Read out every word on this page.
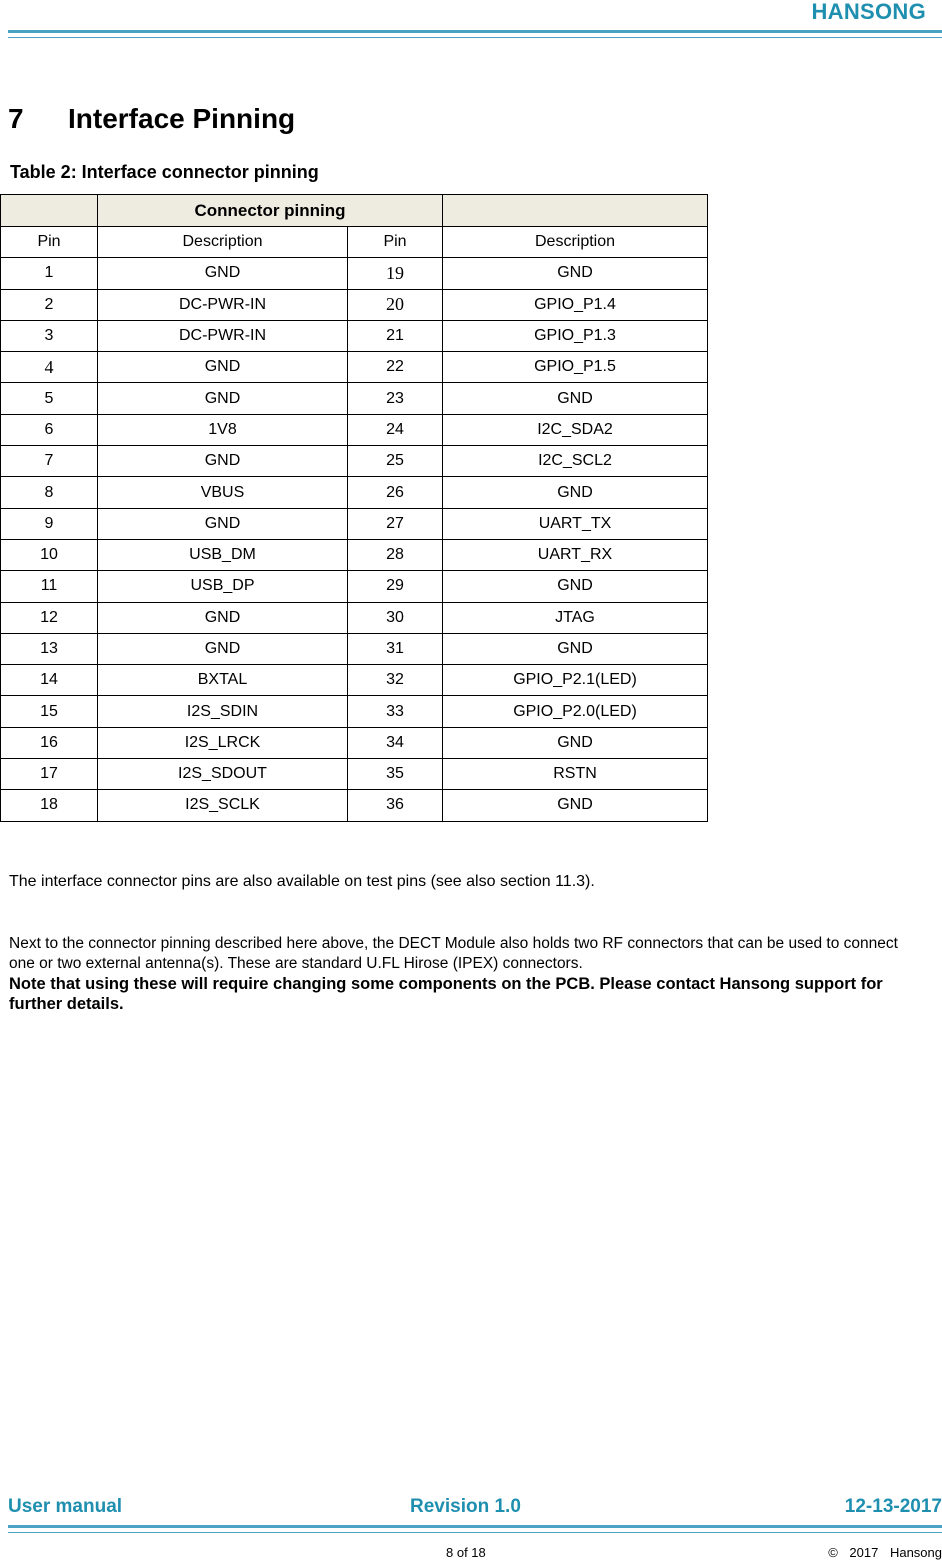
HANSONG
7 Interface Pinning
Table 2: Interface connector pinning
	Connector pinning		
Pin	Description	Pin	Description
1	GND	19	GND
2	DC-PWR-IN	20	GPIO_P1.4
3	DC-PWR-IN	21	GPIO_P1.3
4	GND	22	GPIO_P1.5
5	GND	23	GND
6	1V8	24	I2C_SDA2
7	GND	25	I2C_SCL2
8	VBUS	26	GND
9	GND	27	UART_TX
10	USB_DM	28	UART_RX
11	USB_DP	29	GND
12	GND	30	JTAG
13	GND	31	GND
14	BXTAL	32	GPIO_P2.1(LED)
15	I2S_SDIN	33	GPIO_P2.0(LED)
16	I2S_LRCK	34	GND
17	I2S_SDOUT	35	RSTN
18	I2S_SCLK	36	GND
The interface connector pins are also available on test pins (see also section 11.3).
Next to the connector pinning described here above, the DECT Module also holds two RF connectors that can be used to connect one or two external antenna(s). These are standard U.FL Hirose (IPEX) connectors.
Note that using these will require changing some components on the PCB. Please contact Hansong support for further details.
User manual	Revision 1.0	12-13-2017
8 of 18	© 2017 Hansong
